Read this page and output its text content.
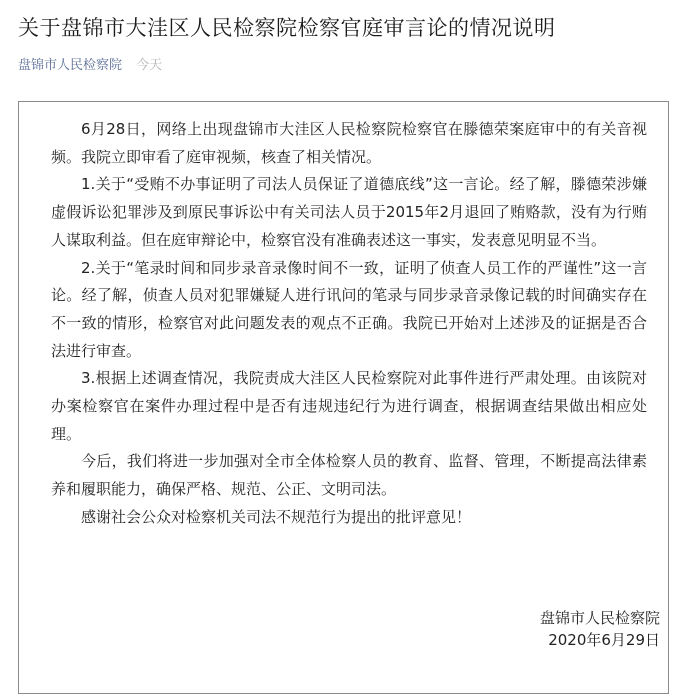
关于盘锦市大洼区人民检察院检察官庭审言论的情况说明
盘锦市人民检察院 今天

6月28日，网络上出现盘锦市大洼区人民检察院检察官在滕德荣案庭审中的有关音视频。我院立即审看了庭审视频，核查了相关情况。

1.关于“受贿不办事证明了司法人员保证了道德底线”这一言论。经了解，滕德荣涉嫌虚假诉讼犯罪涉及到原民事诉讼中有关司法人员于2015年2月退回了贿赂款，没有为行贿人谋取利益。但在庭审辩论中，检察官没有准确表述这一事实，发表意见明显不当。

2.关于“笔录时间和同步录音录像时间不一致，证明了侦查人员工作的严谨性”这一言论。经了解，侦查人员对犯罪嫌疑人进行讯问的笔录与同步录音录像记载的时间确实存在不一致的情形，检察官对此问题发表的观点不正确。我院已开始对上述涉及的证据是否合法进行审查。

3.根据上述调查情况，我院责成大洼区人民检察院对此事件进行严肃处理。由该院对办案检察官在案件办理过程中是否有违规违纪行为进行调查，根据调查结果做出相应处理。

今后，我们将进一步加强对全市全体检察人员的教育、监督、管理，不断提高法律素养和履职能力，确保严格、规范、公正、文明司法。

感谢社会公众对检察机关司法不规范行为提出的批评意见！

盘锦市人民检察院
2020年6月29日
